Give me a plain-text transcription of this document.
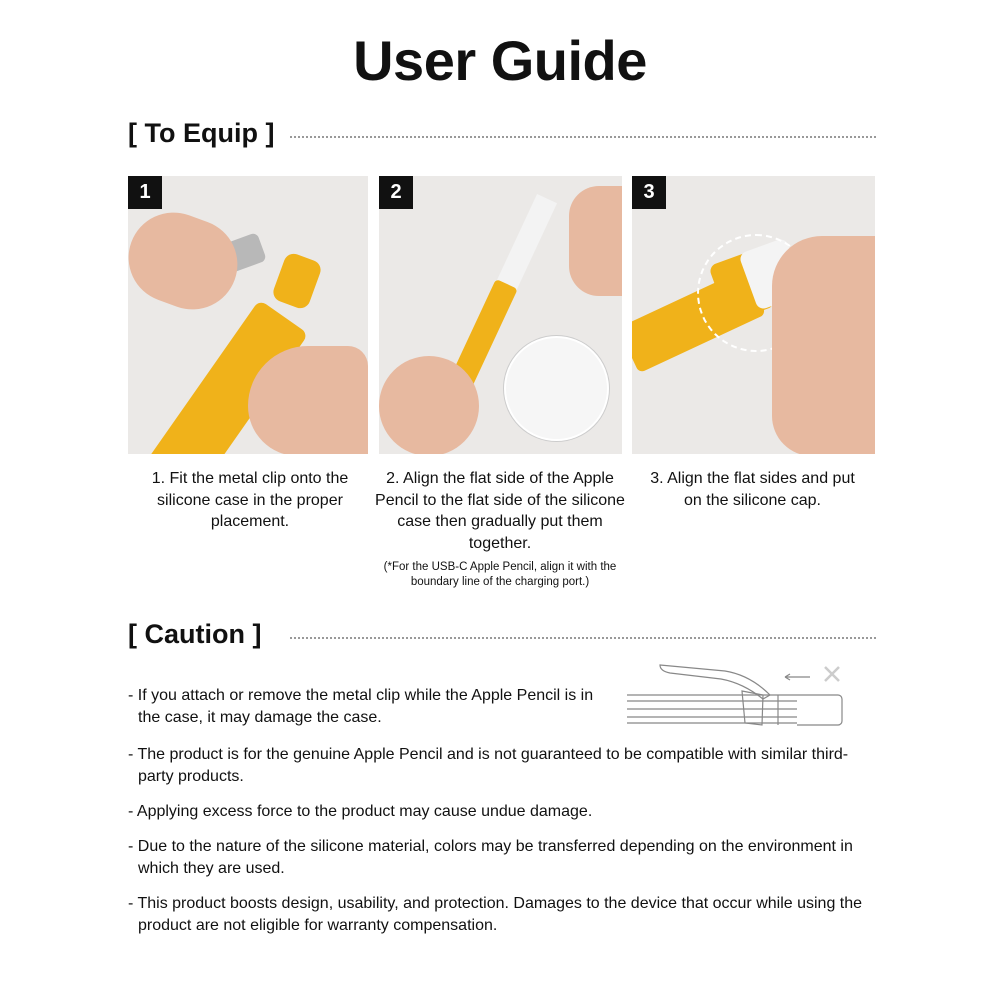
User Guide
[ To Equip ]
1	2	3
1. Fit the metal clip onto the silicone case in the proper placement.
2. Align the flat side of the Apple Pencil to the flat side of the silicone case then gradually put them together.
(*For the USB-C Apple Pencil, align it with the boundary line of the charging port.)
3. Align the flat sides and put on the silicone cap.
[ Caution ]
- If you attach or remove the metal clip while the Apple Pencil is in the case, it may damage the case.
- The product is for the genuine Apple Pencil and is not guaranteed to be compatible with similar third-party products.
- Applying excess force to the product may cause undue damage.
- Due to the nature of the silicone material, colors may be transferred depending on the environment in which they are used.
- This product boosts design, usability, and protection. Damages to the device that occur while using the product are not eligible for warranty compensation.
